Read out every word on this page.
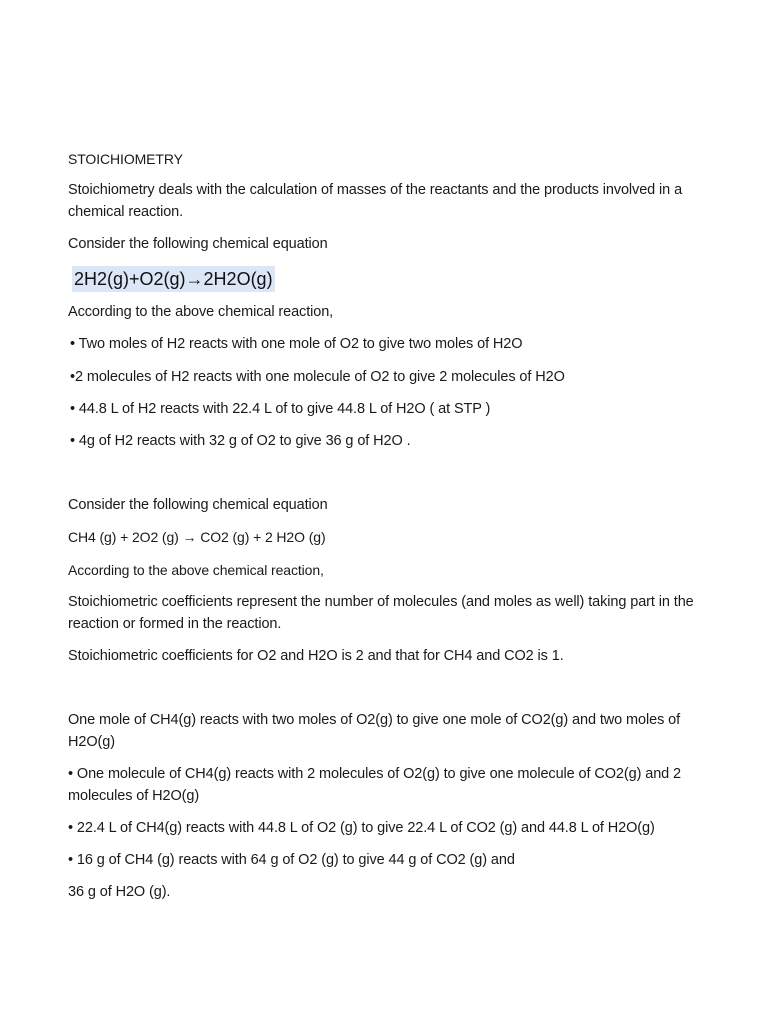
STOICHIOMETRY
Stoichiometry deals with the calculation of masses of the reactants and the products involved in a chemical reaction.
Consider the following chemical equation
2H2(g)+O2(g)→2H2O(g)
According to the above chemical reaction,
• Two moles of H2 reacts with one mole of O2 to give two moles of H2O
•2 molecules of H2 reacts with one molecule of O2 to give 2 molecules of H2O
• 44.8 L of H2 reacts with 22.4 L of to give 44.8 L of H2O ( at STP )
• 4g of H2 reacts with 32 g of O2 to give 36 g of H2O .
Consider the following chemical equation
CH4 (g) + 2O2 (g) → CO2 (g) + 2 H2O (g)
According to the above chemical reaction,
Stoichiometric coefficients represent the number of molecules (and moles as well) taking part in the reaction or formed in the reaction.
Stoichiometric coefficients for O2 and H2O is 2 and that for CH4 and CO2 is 1.
One mole of CH4(g) reacts with two moles of O2(g) to give one mole of CO2(g) and two moles of H2O(g)
• One molecule of CH4(g) reacts with 2 molecules of O2(g) to give one molecule of CO2(g) and 2 molecules of H2O(g)
• 22.4 L of CH4(g) reacts with 44.8 L of O2 (g) to give 22.4 L of CO2 (g) and 44.8 L of H2O(g)
• 16 g of CH4 (g) reacts with 64 g of O2 (g) to give 44 g of CO2 (g) and
36 g of H2O (g).
